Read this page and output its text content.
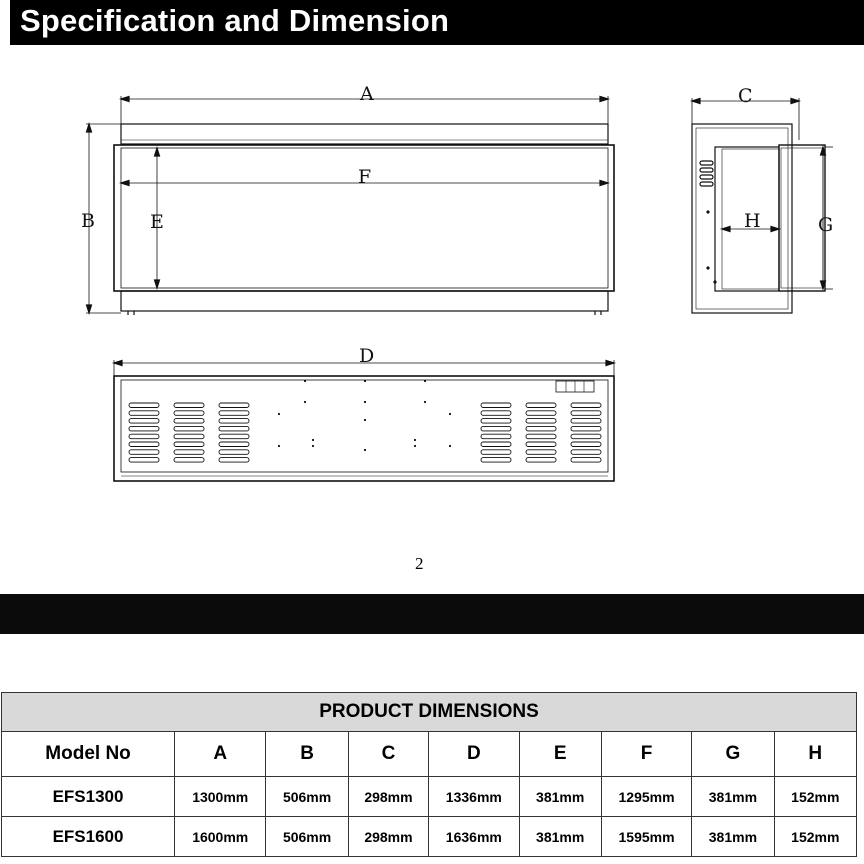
Specification and Dimension
A
F
B	E
C
G
H
D
2
PRODUCT DIMENSIONS								
Model No	A	B	C	D	E	F	G	H
EFS1300	1300mm	506mm	298mm	1336mm	381mm	1295mm	381mm	152mm
EFS1600	1600mm	506mm	298mm	1636mm	381mm	1595mm	381mm	152mm
